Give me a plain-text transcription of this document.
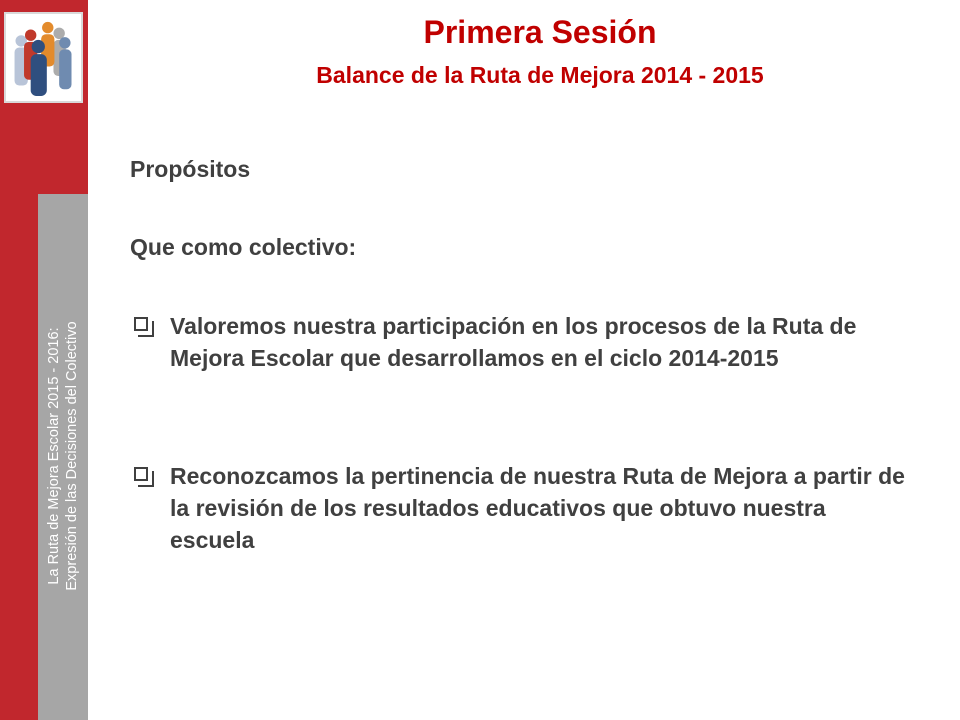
La Ruta de Mejora Escolar 2015 - 2016: Expresión de las Decisiones del Colectivo
Primera Sesión
Balance de la Ruta de Mejora 2014 - 2015
Propósitos
Que como colectivo:
Valoremos nuestra participación en los procesos de la Ruta de Mejora Escolar que desarrollamos en el ciclo 2014-2015
Reconozcamos la pertinencia de nuestra Ruta de Mejora a partir de la revisión de los resultados educativos que obtuvo nuestra escuela
